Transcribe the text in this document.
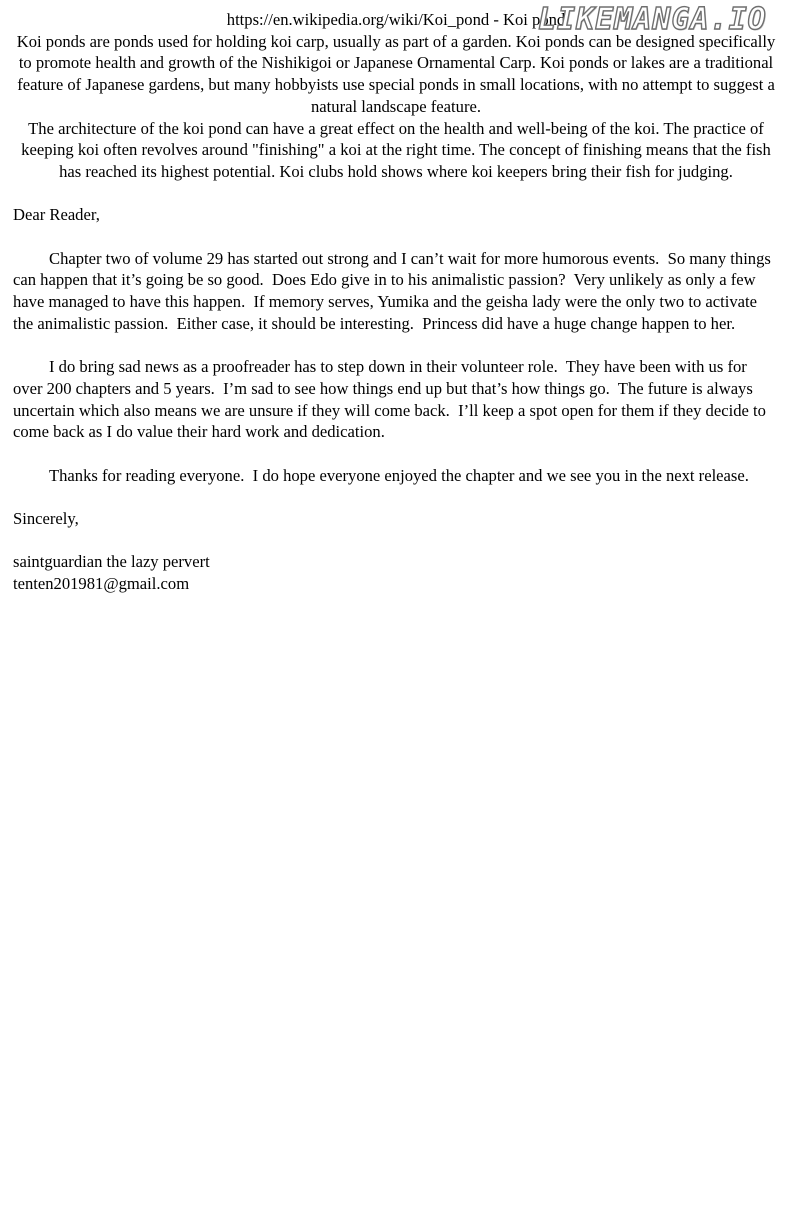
https://en.wikipedia.org/wiki/Koi_pond - Koi pond

Koi ponds are ponds used for holding koi carp, usually as part of a garden. Koi ponds can be designed specifically to promote health and growth of the Nishikigoi or Japanese Ornamental Carp. Koi ponds or lakes are a traditional feature of Japanese gardens, but many hobbyists use special ponds in small locations, with no attempt to suggest a natural landscape feature.

The architecture of the koi pond can have a great effect on the health and well-being of the koi. The practice of keeping koi often revolves around "finishing" a koi at the right time. The concept of finishing means that the fish has reached its highest potential. Koi clubs hold shows where koi keepers bring their fish for judging.

Dear Reader,

Chapter two of volume 29 has started out strong and I can’t wait for more humorous events.  So many things can happen that it’s going be so good.  Does Edo give in to his animalistic passion?  Very unlikely as only a few have managed to have this happen.  If memory serves, Yumika and the geisha lady were the only two to activate the animalistic passion.  Either case, it should be interesting.  Princess did have a huge change happen to her.

I do bring sad news as a proofreader has to step down in their volunteer role.  They have been with us for over 200 chapters and 5 years.  I’m sad to see how things end up but that’s how things go.  The future is always uncertain which also means we are unsure if they will come back.  I’ll keep a spot open for them if they decide to come back as I do value their hard work and dedication.

Thanks for reading everyone.  I do hope everyone enjoyed the chapter and we see you in the next release.

Sincerely,

saintguardian the lazy pervert

tenten201981@gmail.com

LIKEMANGA.IO
